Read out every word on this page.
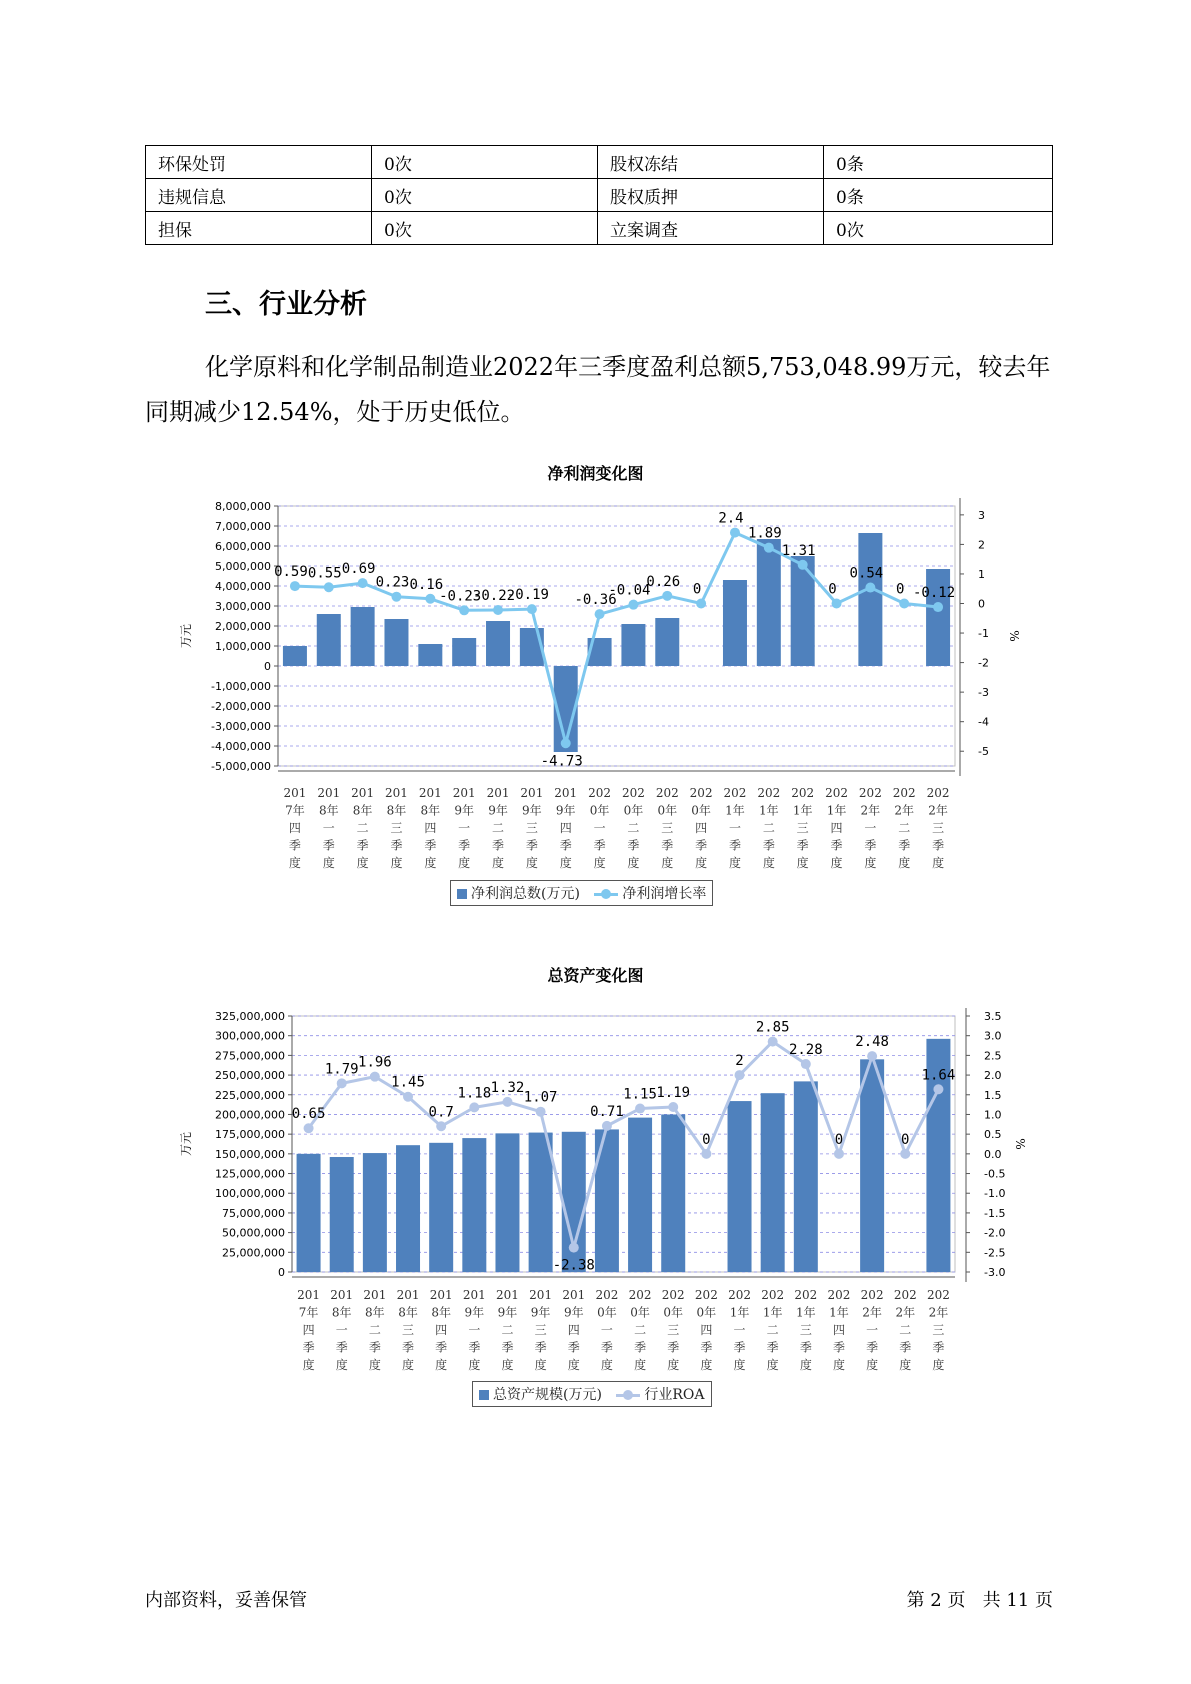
环保处罚	0次	股权冻结	0条
违规信息	0次	股权质押	0条
担保	0次	立案调查	0次
三、行业分析

化学原料和化学制品制造业2022年三季度盈利总额5,753,048.99万元，较去年同期减少12.54%，处于历史低位。

净利润变化图
8,000,000
7,000,000
6,000,000
5,000,000
4,000,000
3,000,000
2,000,000
1,000,000
0
-1,000,000
-2,000,000
-3,000,000
-4,000,000
-5,000,000
3
2
1
0
-1
-2
-3
-4
-5
万元	%
0.59 0.55 0.69
0.23 0.16
-0.23
-0.22
-0.19
-4.73
-0.36
-0.04
0.26 0
2.4
1.89
1.31
0
0.54
0 -0.12
201
7年
四
季
度
201
8年
一
季
度
201
8年
二
季
度
201
8年
三
季
度
201
8年
四
季
度
201
9年
一
季
度
201
9年
二
季
度
201
9年
三
季
度
201
9年
四
季
度
202
0年
一
季
度
202
0年
二
季
度
202
0年
三
季
度
202
0年
四
季
度
202
1年
一
季
度
202
1年
二
季
度
202
1年
三
季
度
202
1年
四
季
度
202
2年
一
季
度
202
2年
二
季
度
202
2年
三
季
度
净利润总数(万元)	净利润增长率
总资产变化图
325,000,000
300,000,000
275,000,000
250,000,000
225,000,000
200,000,000
175,000,000
150,000,000
125,000,000
100,000,000
75,000,000
50,000,000
25,000,000
0
3.5
3.0
2.5
2.0
1.5
1.0
0.5
0.0
-0.5
-1.0
-1.5
-2.0
-2.5
-3.0
万元	%
0.65
1.79 1.96
1.45
0.7
1.18 1.32
1.07
-2.38
0.71
1.15 1.19
0
2
2.85
2.28
0
2.48
0
1.64
201
7年
四
季
度
201
8年
一
季
度
201
8年
二
季
度
201
8年
三
季
度
201
8年
四
季
度
201
9年
一
季
度
201
9年
二
季
度
201
9年
三
季
度
201
9年
四
季
度
202
0年
一
季
度
202
0年
二
季
度
202
0年
三
季
度
202
0年
四
季
度
202
1年
一
季
度
202
1年
二
季
度
202
1年
三
季
度
202
1年
四
季
度
202
2年
一
季
度
202
2年
二
季
度
202
2年
三
季
度
总资产规模(万元)	行业ROA
内部资料，妥善保管	第 2 页   共 11 页
